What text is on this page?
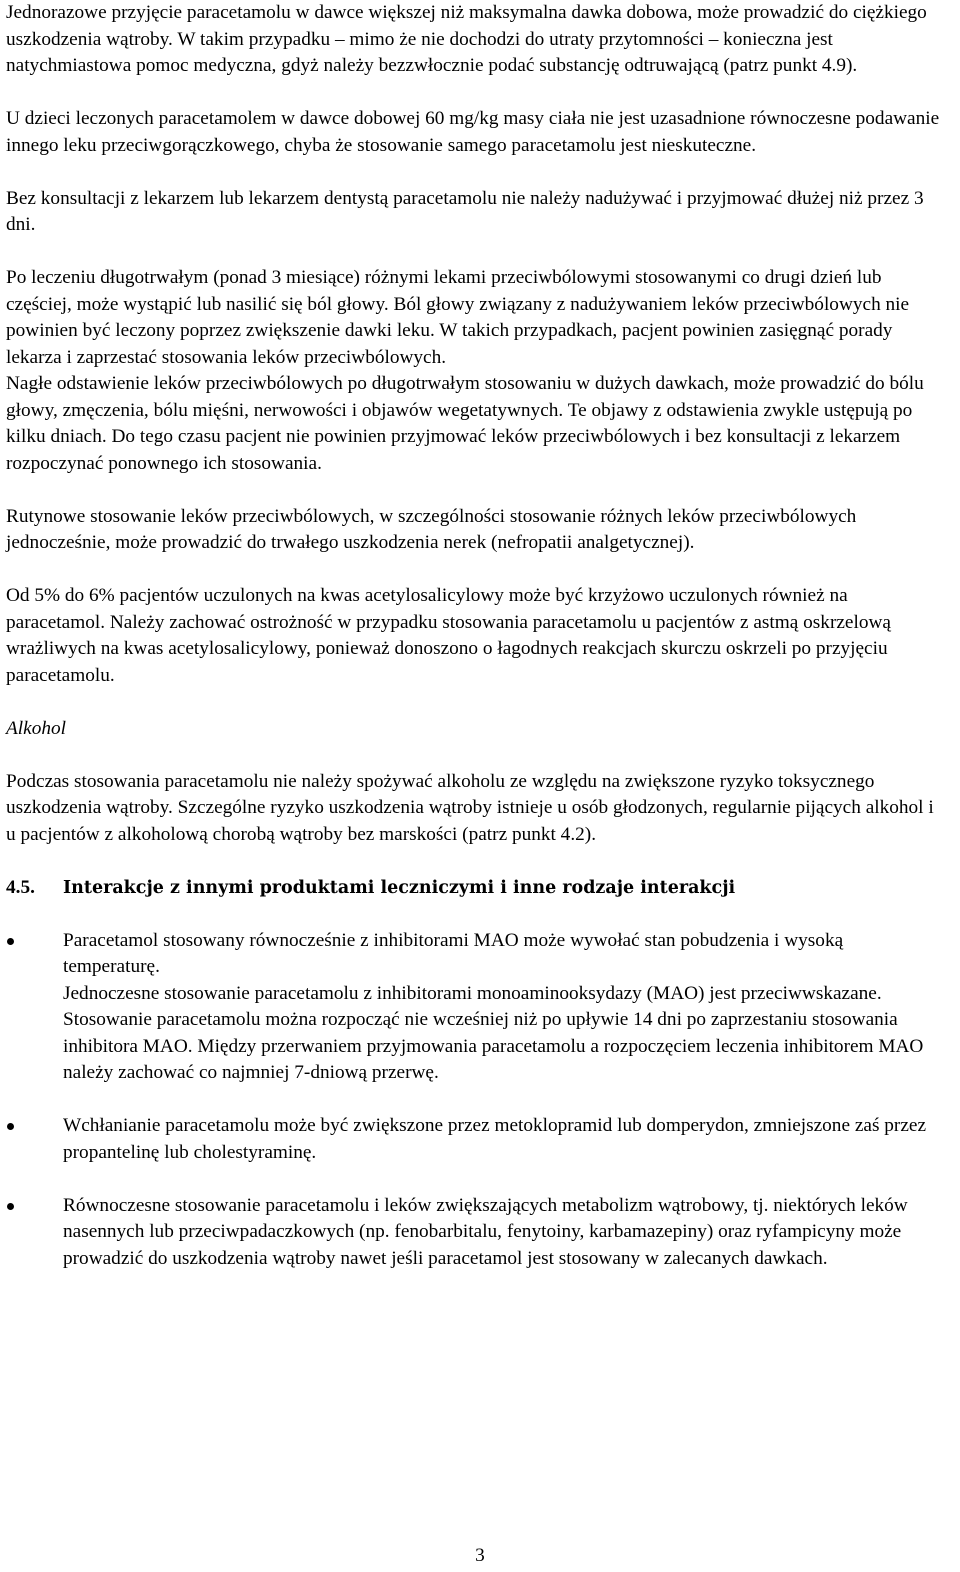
Jednorazowe przyjęcie paracetamolu w dawce większej niż maksymalna dawka dobowa, może prowadzić do ciężkiego uszkodzenia wątroby. W takim przypadku – mimo że nie dochodzi do utraty przytomności – konieczna jest natychmiastowa pomoc medyczna, gdyż należy bezzwłocznie podać substancję odtruwającą (patrz punkt 4.9).

U dzieci leczonych paracetamolem w dawce dobowej 60 mg/kg masy ciała nie jest uzasadnione równoczesne podawanie innego leku przeciwgorączkowego, chyba że stosowanie samego paracetamolu jest nieskuteczne.

Bez konsultacji z lekarzem lub lekarzem dentystą paracetamolu nie należy nadużywać i przyjmować dłużej niż przez 3 dni.

Po leczeniu długotrwałym (ponad 3 miesiące) różnymi lekami przeciwbólowymi stosowanymi co drugi dzień lub częściej, może wystąpić lub nasilić się ból głowy. Ból głowy związany z nadużywaniem leków przeciwbólowych nie powinien być leczony poprzez zwiększenie dawki leku. W takich przypadkach, pacjent powinien zasięgnąć porady lekarza i zaprzestać stosowania leków przeciwbólowych.

Nagłe odstawienie leków przeciwbólowych po długotrwałym stosowaniu w dużych dawkach, może prowadzić do bólu głowy, zmęczenia, bólu mięśni, nerwowości i objawów wegetatywnych. Te objawy z odstawienia zwykle ustępują po kilku dniach. Do tego czasu pacjent nie powinien przyjmować leków przeciwbólowych i bez konsultacji z lekarzem rozpoczynać ponownego ich stosowania.

Rutynowe stosowanie leków przeciwbólowych, w szczególności stosowanie różnych leków przeciwbólowych jednocześnie, może prowadzić do trwałego uszkodzenia nerek (nefropatii analgetycznej).

Od 5% do 6% pacjentów uczulonych na kwas acetylosalicylowy może być krzyżowo uczulonych również na paracetamol. Należy zachować ostrożność w przypadku stosowania paracetamolu u pacjentów z astmą oskrzelową wrażliwych na kwas acetylosalicylowy, ponieważ donoszono o łagodnych reakcjach skurczu oskrzeli po przyjęciu paracetamolu.

Alkohol

Podczas stosowania paracetamolu nie należy spożywać alkoholu ze względu na zwiększone ryzyko toksycznego uszkodzenia wątroby. Szczególne ryzyko uszkodzenia wątroby istnieje u osób głodzonych, regularnie pijących alkohol i u pacjentów z alkoholową chorobą wątroby bez marskości (patrz punkt 4.2).

4.5.	Interakcje z innymi produktami leczniczymi i inne rodzaje interakcji
Paracetamol stosowany równocześnie z inhibitorami MAO może wywołać stan pobudzenia i wysoką temperaturę.
Jednoczesne stosowanie paracetamolu z inhibitorami monoaminooksydazy (MAO) jest przeciwwskazane. Stosowanie paracetamolu można rozpocząć nie wcześniej niż po upływie 14 dni po zaprzestaniu stosowania inhibitora MAO. Między przerwaniem przyjmowania paracetamolu a rozpoczęciem leczenia inhibitorem MAO należy zachować co najmniej 7-dniową przerwę.
Wchłanianie paracetamolu może być zwiększone przez metoklopramid lub domperydon, zmniejszone zaś przez propantelinę lub cholestyraminę.
Równoczesne stosowanie paracetamolu i leków zwiększających metabolizm wątrobowy, tj. niektórych leków nasennych lub przeciwpadaczkowych (np. fenobarbitalu, fenytoiny, karbamazepiny) oraz ryfampicyny może prowadzić do uszkodzenia wątroby nawet jeśli paracetamol jest stosowany w zalecanych dawkach.
3
